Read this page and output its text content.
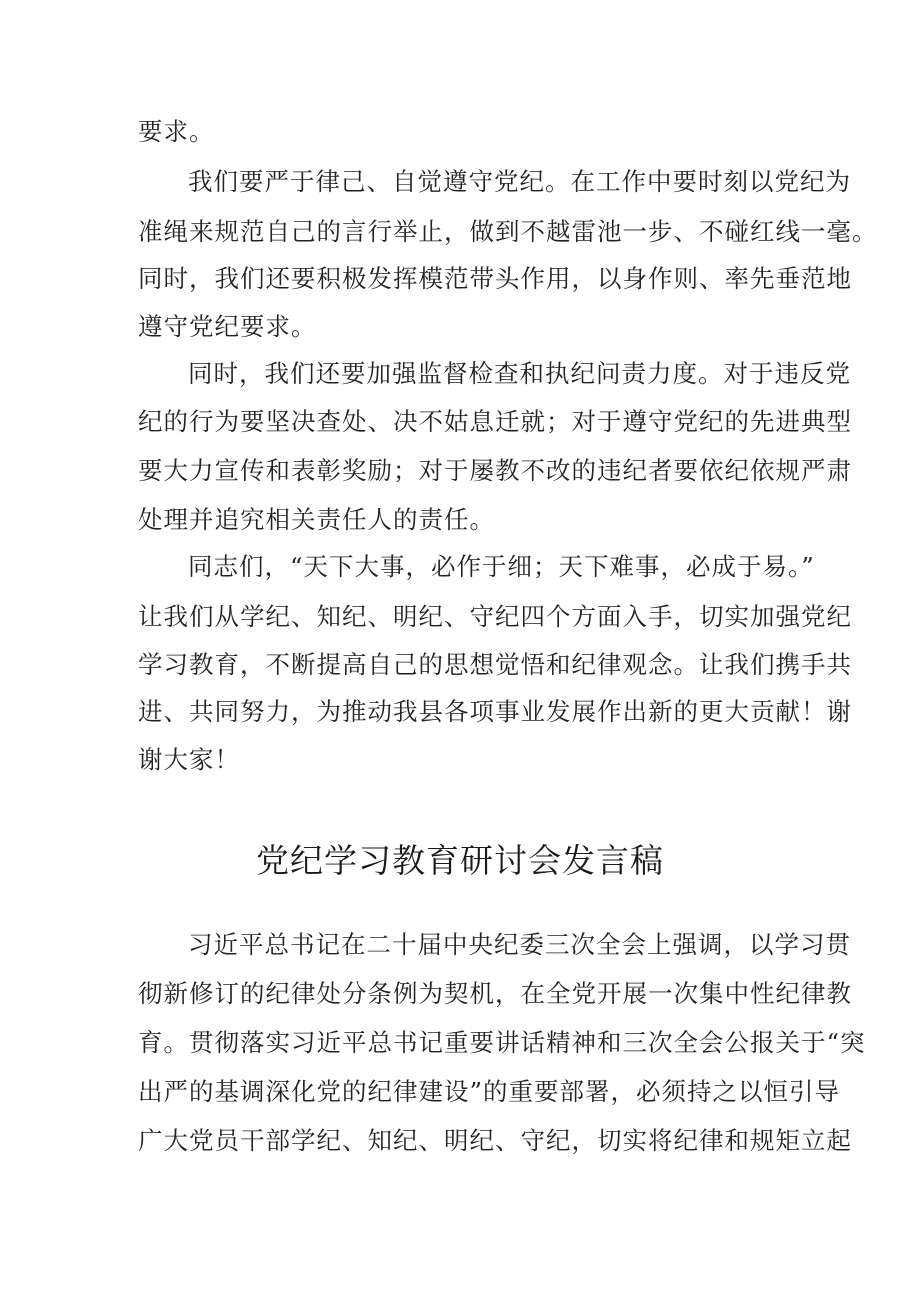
要求。
我们要严于律己、自觉遵守党纪。在工作中要时刻以党纪为
准绳来规范自己的言行举止，做到不越雷池一步、不碰红线一毫。
同时，我们还要积极发挥模范带头作用，以身作则、率先垂范地
遵守党纪要求。
同时，我们还要加强监督检查和执纪问责力度。对于违反党
纪的行为要坚决查处、决不姑息迁就；对于遵守党纪的先进典型
要大力宣传和表彰奖励；对于屡教不改的违纪者要依纪依规严肃
处理并追究相关责任人的责任。
同志们，“天下大事，必作于细；天下难事，必成于易。”
让我们从学纪、知纪、明纪、守纪四个方面入手，切实加强党纪
学习教育，不断提高自己的思想觉悟和纪律观念。让我们携手共
进、共同努力，为推动我县各项事业发展作出新的更大贡献！谢
谢大家！
党纪学习教育研讨会发言稿
习近平总书记在二十届中央纪委三次全会上强调，以学习贯
彻新修订的纪律处分条例为契机，在全党开展一次集中性纪律教
育。贯彻落实习近平总书记重要讲话精神和三次全会公报关于“突
出严的基调深化党的纪律建设”的重要部署，必须持之以恒引导
广大党员干部学纪、知纪、明纪、守纪，切实将纪律和规矩立起
